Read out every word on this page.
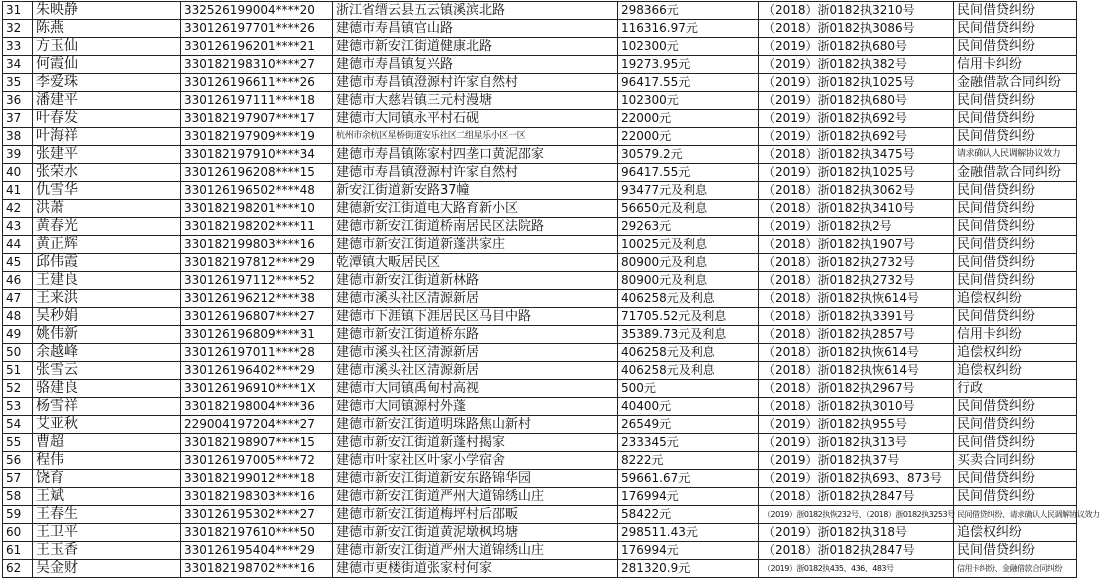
31	朱映静	332526199004****20	浙江省缙云县五云镇溪滨北路	298366元	（2018）浙0182执3210号	民间借贷纠纷
32	陈燕	330126197701****26	建德市寿昌镇官山路	116316.97元	（2018）浙0182执3086号	民间借贷纠纷
33	方玉仙	330126196201****21	建德市新安江街道健康北路	102300元	（2019）浙0182执680号	民间借贷纠纷
34	何霞仙	330182198310****27	建德市寿昌镇复兴路	19273.95元	（2019）浙0182执382号	信用卡纠纷
35	李爱珠	330126196611****26	建德市寿昌镇澄源村许家自然村	96417.55元	（2019）浙0182执1025号	金融借款合同纠纷
36	潘建平	330126197111****18	建德市大慈岩镇三元村漫塘	102300元	（2019）浙0182执680号	民间借贷纠纷
37	叶春发	330182197907****17	建德市大同镇永平村石砚	22000元	（2019）浙0182执692号	民间借贷纠纷
38	叶海祥	330182197909****19	杭州市余杭区星桥街道安乐社区二组星乐小区一区	22000元	（2019）浙0182执692号	民间借贷纠纷
39	张建平	330182197910****34	建德市寿昌镇陈家村四垄口黄泥邵家	30579.2元	（2018）浙0182执3475号	请求确认人民调解协议效力
40	张荣水	330126196208****15	建德市寿昌镇澄源村许家自然村	96417.55元	（2019）浙0182执1025号	金融借款合同纠纷
41	仇雪华	330126196502****48	新安江街道新安路37幢	93477元及利息	（2018）浙0182执3062号	民间借贷纠纷
42	洪萧	330182198201****10	建德新安江街道电大路育新小区	56650元及利息	（2018）浙0182执3410号	民间借贷纠纷
43	黄春光	330182198202****11	建德市新安江街道桥南居民区法院路	29263元	（2019）浙0182执2号	民间借贷纠纷
44	黄正辉	330182199803****16	建德市新安江街道新蓬洪家庄	10025元及利息	（2018）浙0182执1907号	民间借贷纠纷
45	邱伟霞	330182197812****29	乾潭镇大畈居民区	80900元及利息	（2018）浙0182执2732号	民间借贷纠纷
46	王建良	330126197112****52	建德市新安江街道新林路	80900元及利息	（2018）浙0182执2732号	民间借贷纠纷
47	王来洪	330126196212****38	建德市溪头社区清源新居	406258元及利息	（2018）浙0182执恢614号	追偿权纠纷
48	吴秒娟	330126196807****27	建德市下涯镇下涯居民区马目中路	71705.52元及利息	（2018）浙0182执3391号	民间借贷纠纷
49	姚伟新	330126196809****31	建德市新安江街道桥东路	35389.73元及利息	（2018）浙0182执2857号	信用卡纠纷
50	余越峰	330126197011****28	建德市溪头社区清源新居	406258元及利息	（2018）浙0182执恢614号	追偿权纠纷
51	张雪云	330126196402****29	建德市溪头社区清源新居	406258元及利息	（2018）浙0182执恢614号	追偿权纠纷
52	骆建良	330126196910****1X	建德市大同镇禹甸村高视	500元	（2018）浙0182执2967号	行政
53	杨雪祥	330182198004****36	建德市大同镇源村外蓬	40400元	（2018）浙0182执3010号	民间借贷纠纷
54	艾亚秋	229004197204****27	建德市新安江街道明珠路焦山新村	26549元	（2019）浙0182执955号	民间借贷纠纷
55	曹超	330182198907****15	建德市新安江街道新蓬村揭家	233345元	（2019）浙0182执313号	民间借贷纠纷
56	程伟	330126197005****72	建德市叶家社区叶家小学宿舍	8222元	（2019）浙0182执37号	买卖合同纠纷
57	饶育	330182199012****18	建德市新安江街道新安东路锦华园	59661.67元	（2019）浙0182执693、873号	民间借贷纠纷
58	王斌	330182198303****16	建德市新安江街道严州大道锦绣山庄	176994元	（2018）浙0182执2847号	民间借贷纠纷
59	王春生	330126195302****27	建德市新安江街道梅坪村后邵畈	58422元	（2019）浙0182执恢232号、（2018）浙0182执3253号	民间借贷纠纷、请求确认人民调解协议效力
60	王卫平	330182197610****50	建德市新安江街道黄泥墩枫坞塘	298511.43元	（2019）浙0182执318号	追偿权纠纷
61	王玉香	330126195404****29	建德市新安江街道严州大道锦绣山庄	176994元	（2018）浙0182执2847号	民间借贷纠纷
62	吴金财	330182198702****16	建德市更楼街道张家村何家	281320.9元	（2019）浙0182执435、436、483号	信用卡纠纷、金融借款合同纠纷
